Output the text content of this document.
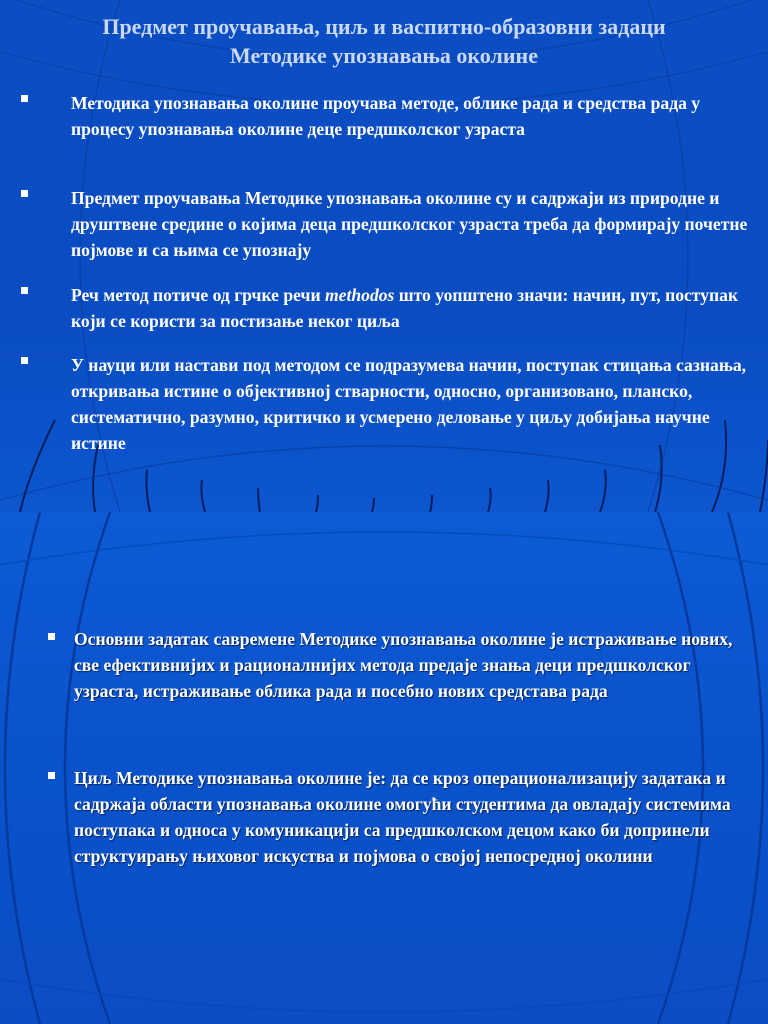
Предмет проучавања, циљ и васпитно-образовни задаци
Методике упознавања околине
Методика упознавања околине проучава методе, облике рада и средства рада у процесу упознавања околине деце предшколског узраста
Предмет проучавања Методике упознавања околине су и садржаји из природне и друштвене средине о којима деца предшколског узраста треба да формирају почетне појмове и са њима се упознају
Реч метод потиче од грчке речи methodos што уопштено значи: начин, пут, поступак који се користи за постизање неког циља
У науци или настави под методом се подразумева начин, поступак стицања сазнања, откривања истине о објективној стварности, односно, организовано, планско, систематично, разумно, критичко и усмерено деловање у циљу добијања научне истине
Основни задатак савремене Методике упознавања околине је истраживање нових, све ефективнијих и рационалнијих метода предаје знања деци предшколског узраста, истраживање облика рада и посебно нових средстава рада
Циљ Методике упознавања околине је: да се кроз операционализацију задатака и садржаја области упознавања околине омогући студентима да овладају системима поступака и односа у комуникацији са предшколском децом како би допринели структуирању њиховог искуства и појмова о својој непосредној околини
